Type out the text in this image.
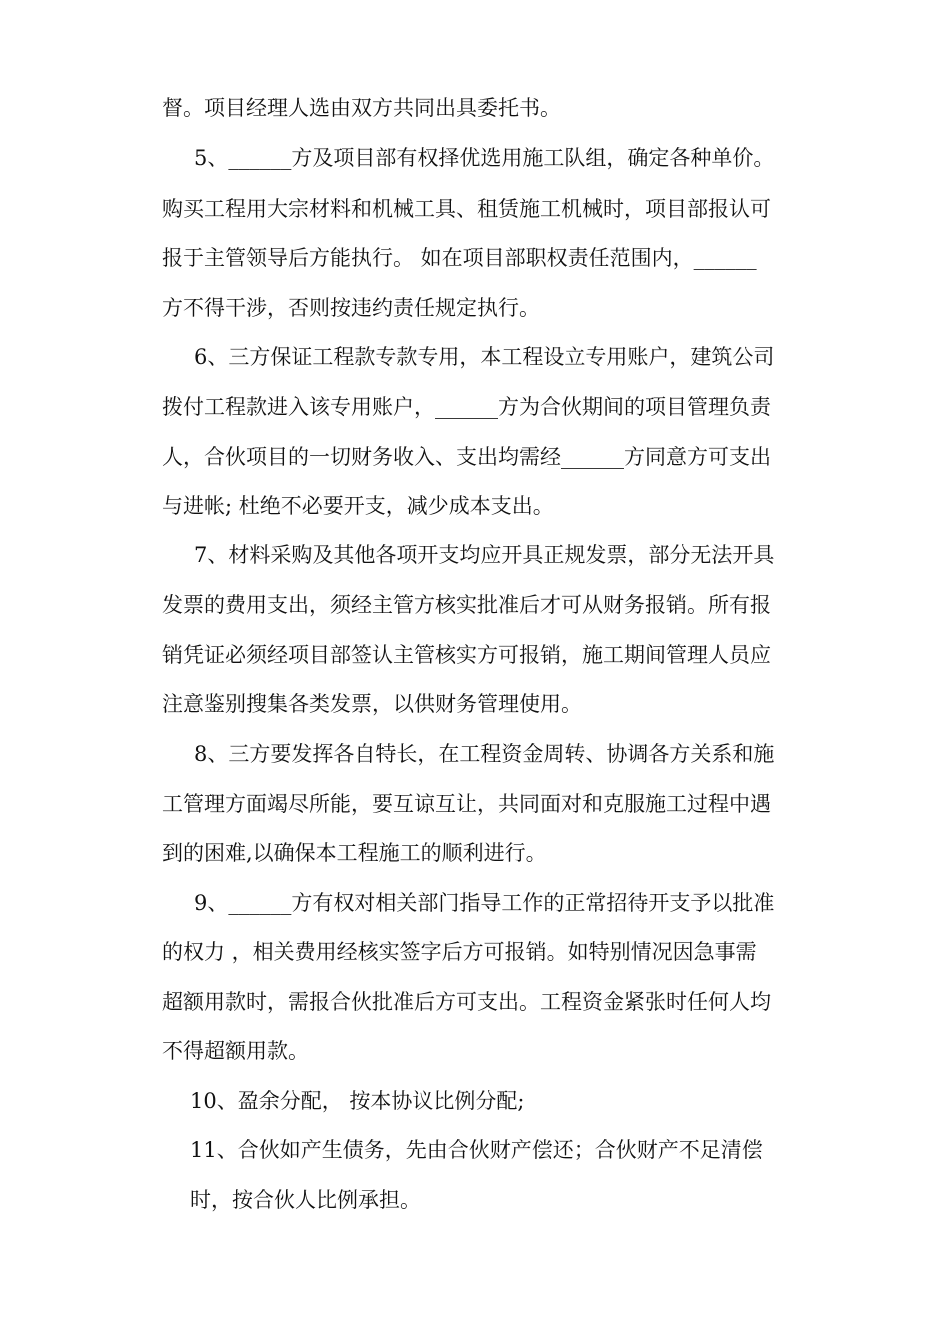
督。项目经理人选由双方共同出具委托书。
5、______方及项目部有权择优选用施工队组，确定各种单价。
购买工程用大宗材料和机械工具、租赁施工机械时，项目部报认可
报于主管领导后方能执行。 如在项目部职权责任范围内，______
方不得干涉，否则按违约责任规定执行。
6、三方保证工程款专款专用，本工程设立专用账户，建筑公司
拨付工程款进入该专用账户，______方为合伙期间的项目管理负责
人，合伙项目的一切财务收入、支出均需经______方同意方可支出
与进帐; 杜绝不必要开支，减少成本支出。
7、材料采购及其他各项开支均应开具正规发票，部分无法开具
发票的费用支出，须经主管方核实批准后才可从财务报销。所有报
销凭证必须经项目部签认主管核实方可报销，施工期间管理人员应
注意鉴别搜集各类发票，以供财务管理使用。
8、三方要发挥各自特长，在工程资金周转、协调各方关系和施
工管理方面竭尽所能，要互谅互让，共同面对和克服施工过程中遇
到的困难,以确保本工程施工的顺利进行。
9、______方有权对相关部门指导工作的正常招待开支予以批准
的权力 ，相关费用经核实签字后方可报销。如特别情况因急事需
超额用款时，需报合伙批准后方可支出。工程资金紧张时任何人均
不得超额用款。
10、盈余分配， 按本协议比例分配;
11、合伙如产生债务，先由合伙财产偿还；合伙财产不足清偿
时，按合伙人比例承担。
